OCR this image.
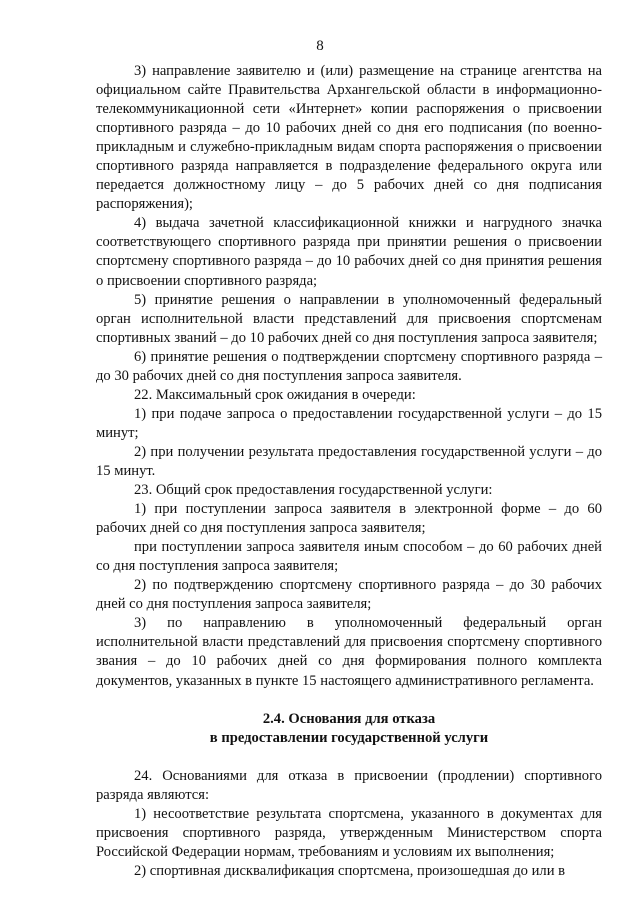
8

3) направление заявителю и (или) размещение на странице агентства на официальном сайте Правительства Архангельской области в информационно-телекоммуникационной сети «Интернет» копии распоряжения о присвоении спортивного разряда – до 10 рабочих дней со дня его подписания (по военно-прикладным и служебно-прикладным видам спорта распоряжения о присвоении спортивного разряда направляется в подразделение федерального округа или передается должностному лицу – до 5 рабочих дней со дня подписания распоряжения);

4) выдача зачетной классификационной книжки и нагрудного значка соответствующего спортивного разряда при принятии решения о присвоении спортсмену спортивного разряда – до 10 рабочих дней со дня принятия решения о присвоении спортивного разряда;

5) принятие решения о направлении в уполномоченный федеральный орган исполнительной власти представлений для присвоения спортсменам спортивных званий – до 10 рабочих дней со дня поступления запроса заявителя;

6) принятие решения о подтверждении спортсмену спортивного разряда – до 30 рабочих дней со дня поступления запроса заявителя.

22. Максимальный срок ожидания в очереди:

1) при подаче запроса о предоставлении государственной услуги – до 15 минут;

2) при получении результата предоставления государственной услуги – до 15 минут.

23. Общий срок предоставления государственной услуги:

1) при поступлении запроса заявителя в электронной форме – до 60 рабочих дней со дня поступления запроса заявителя;

при поступлении запроса заявителя иным способом – до 60 рабочих дней со дня поступления запроса заявителя;

2) по подтверждению спортсмену спортивного разряда – до 30 рабочих дней со дня поступления запроса заявителя;

3) по направлению в уполномоченный федеральный орган исполнительной власти представлений для присвоения спортсмену спортивного звания – до 10 рабочих дней со дня формирования полного комплекта документов, указанных в пункте 15 настоящего административного регламента.

2.4. Основания для отказа

в предоставлении государственной услуги

24. Основаниями для отказа в присвоении (продлении) спортивного разряда являются:

1) несоответствие результата спортсмена, указанного в документах для присвоения спортивного разряда, утвержденным Министерством спорта Российской Федерации нормам, требованиям и условиям их выполнения;

2) спортивная дисквалификация спортсмена, произошедшая до или в
